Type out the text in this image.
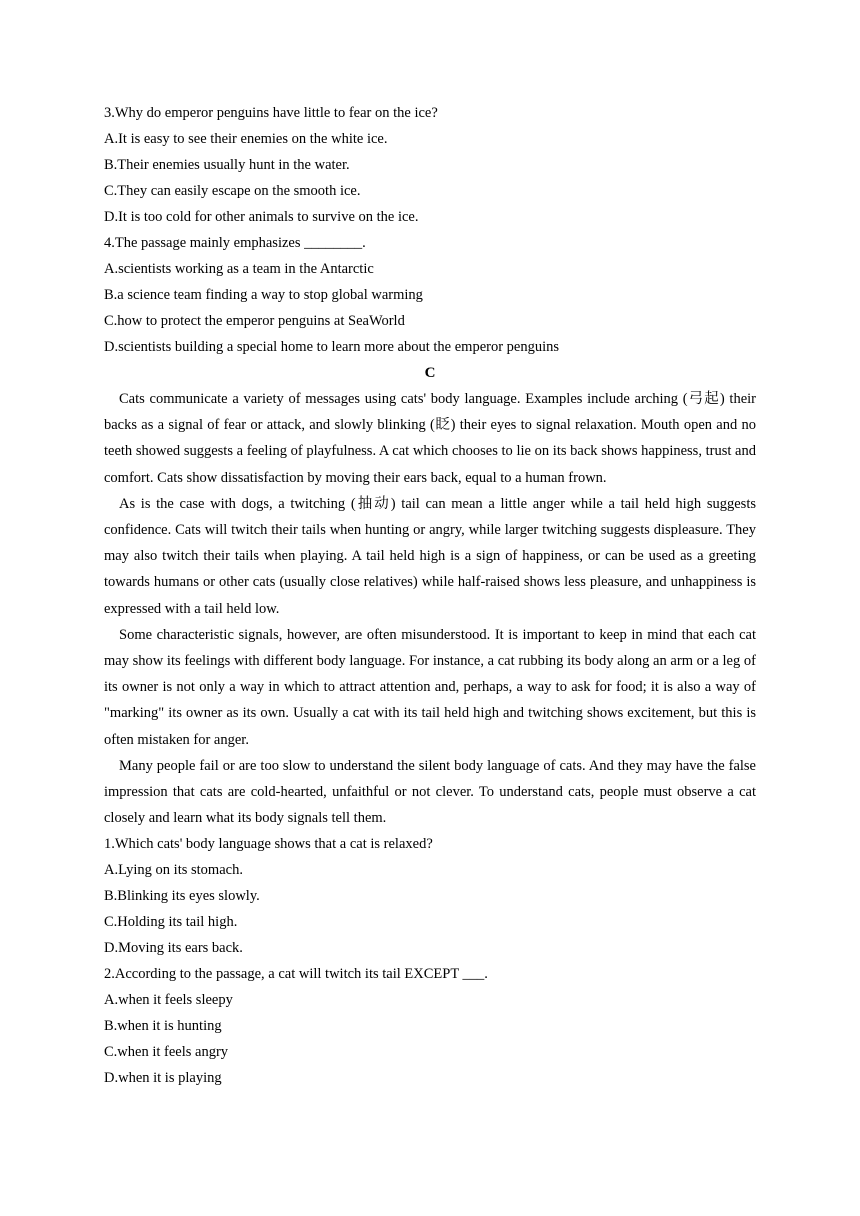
3.Why do emperor penguins have little to fear on the ice?
A.It is easy to see their enemies on the white ice.
B.Their enemies usually hunt in the water.
C.They can easily escape on the smooth ice.
D.It is too cold for other animals to survive on the ice.
4.The passage mainly emphasizes ________.
A.scientists working as a team in the Antarctic
B.a science team finding a way to stop global warming
C.how to protect the emperor penguins at SeaWorld
D.scientists building a special home to learn more about the emperor penguins
C

Cats communicate a variety of messages using cats' body language. Examples include arching (弓起) their backs as a signal of fear or attack, and slowly blinking (眨) their eyes to signal relaxation. Mouth open and no teeth showed suggests a feeling of playfulness. A cat which chooses to lie on its back shows happiness, trust and comfort. Cats show dissatisfaction by moving their ears back, equal to a human frown.

As is the case with dogs, a twitching (抽动) tail can mean a little anger while a tail held high suggests confidence. Cats will twitch their tails when hunting or angry, while larger twitching suggests displeasure. They may also twitch their tails when playing. A tail held high is a sign of happiness, or can be used as a greeting towards humans or other cats (usually close relatives) while half-raised shows less pleasure, and unhappiness is expressed with a tail held low.

Some characteristic signals, however, are often misunderstood. It is important to keep in mind that each cat may show its feelings with different body language. For instance, a cat rubbing its body along an arm or a leg of its owner is not only a way in which to attract attention and, perhaps, a way to ask for food; it is also a way of "marking" its owner as its own. Usually a cat with its tail held high and twitching shows excitement, but this is often mistaken for anger.

Many people fail or are too slow to understand the silent body language of cats. And they may have the false impression that cats are cold-hearted, unfaithful or not clever. To understand cats, people must observe a cat closely and learn what its body signals tell them.

1.Which cats' body language shows that a cat is relaxed?
A.Lying on its stomach.
B.Blinking its eyes slowly.
C.Holding its tail high.
D.Moving its ears back.
2.According to the passage, a cat will twitch its tail EXCEPT ___.
A.when it feels sleepy
B.when it is hunting
C.when it feels angry
D.when it is playing
